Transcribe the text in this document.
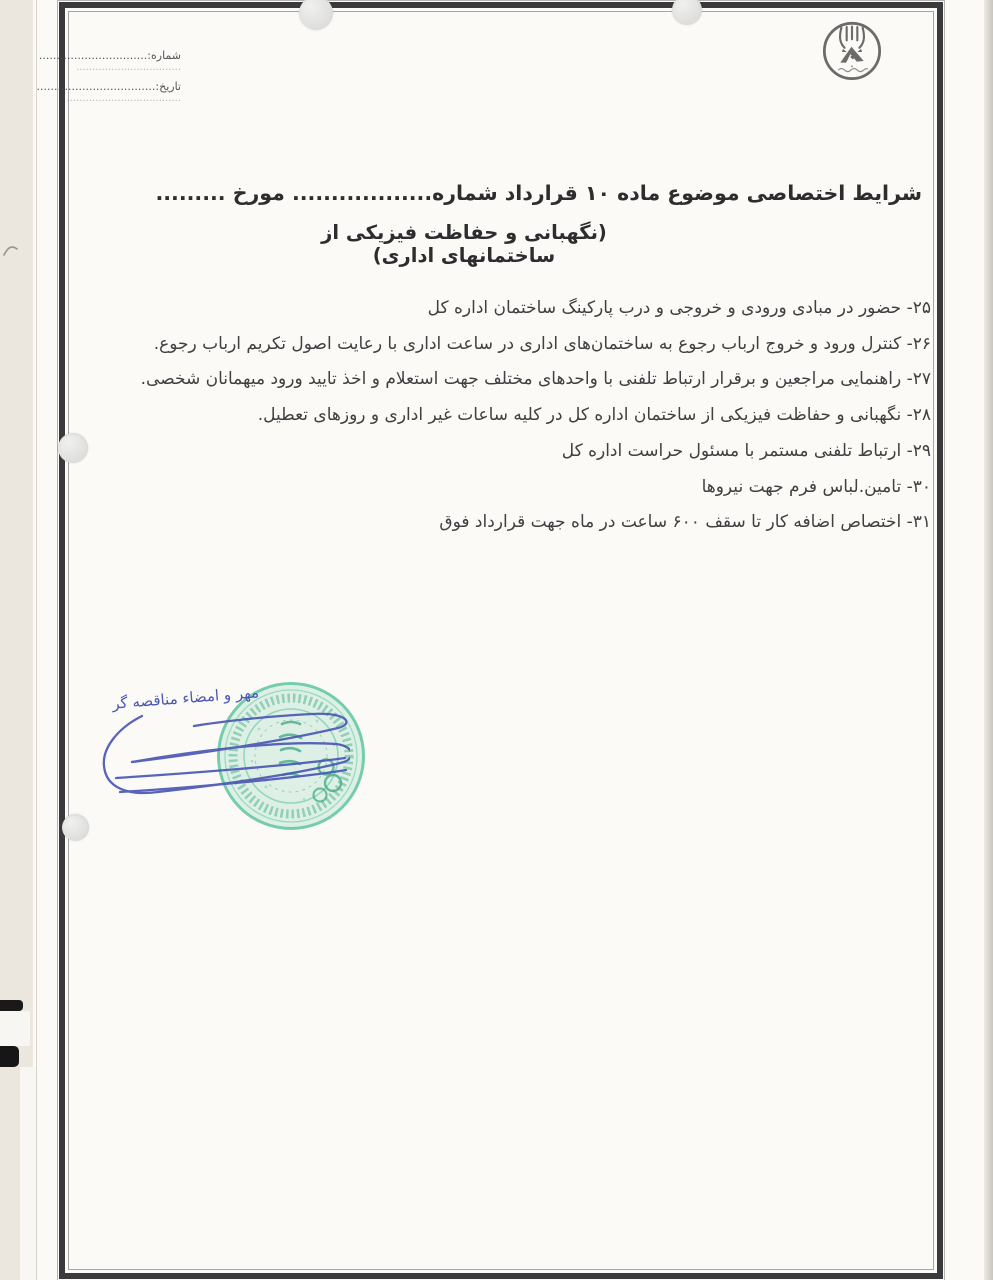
شماره:...............................
.................................
تاریخ:..................................
....................................
شرایط اختصاصی موضوع ماده ۱۰ قرارداد شماره.................. مورخ .........
(نگهبانی و حفاظت فیزیکی از ساختمانهای اداری)
۲۵- حضور در مبادی ورودی و خروجی و درب پارکینگ ساختمان اداره کل
۲۶- کنترل ورود و خروج ارباب رجوع به ساختمان‌های اداری در ساعت اداری با رعایت اصول تکریم ارباب رجوع.
۲۷- راهنمایی مراجعین و برقرار ارتباط تلفنی با واحدهای مختلف جهت استعلام و اخذ تایید ورود میهمانان شخصی.
۲۸- نگهبانی و حفاظت فیزیکی از ساختمان اداره کل در کلیه ساعات غیر اداری و روزهای تعطیل.
۲۹- ارتباط تلفنی مستمر با مسئول حراست اداره کل
۳۰- تامین.لباس فرم جهت نیروها
۳۱- اختصاص اضافه کار تا سقف ۶۰۰ ساعت در ماه جهت قرارداد فوق
مهر و امضاء مناقصه گر
